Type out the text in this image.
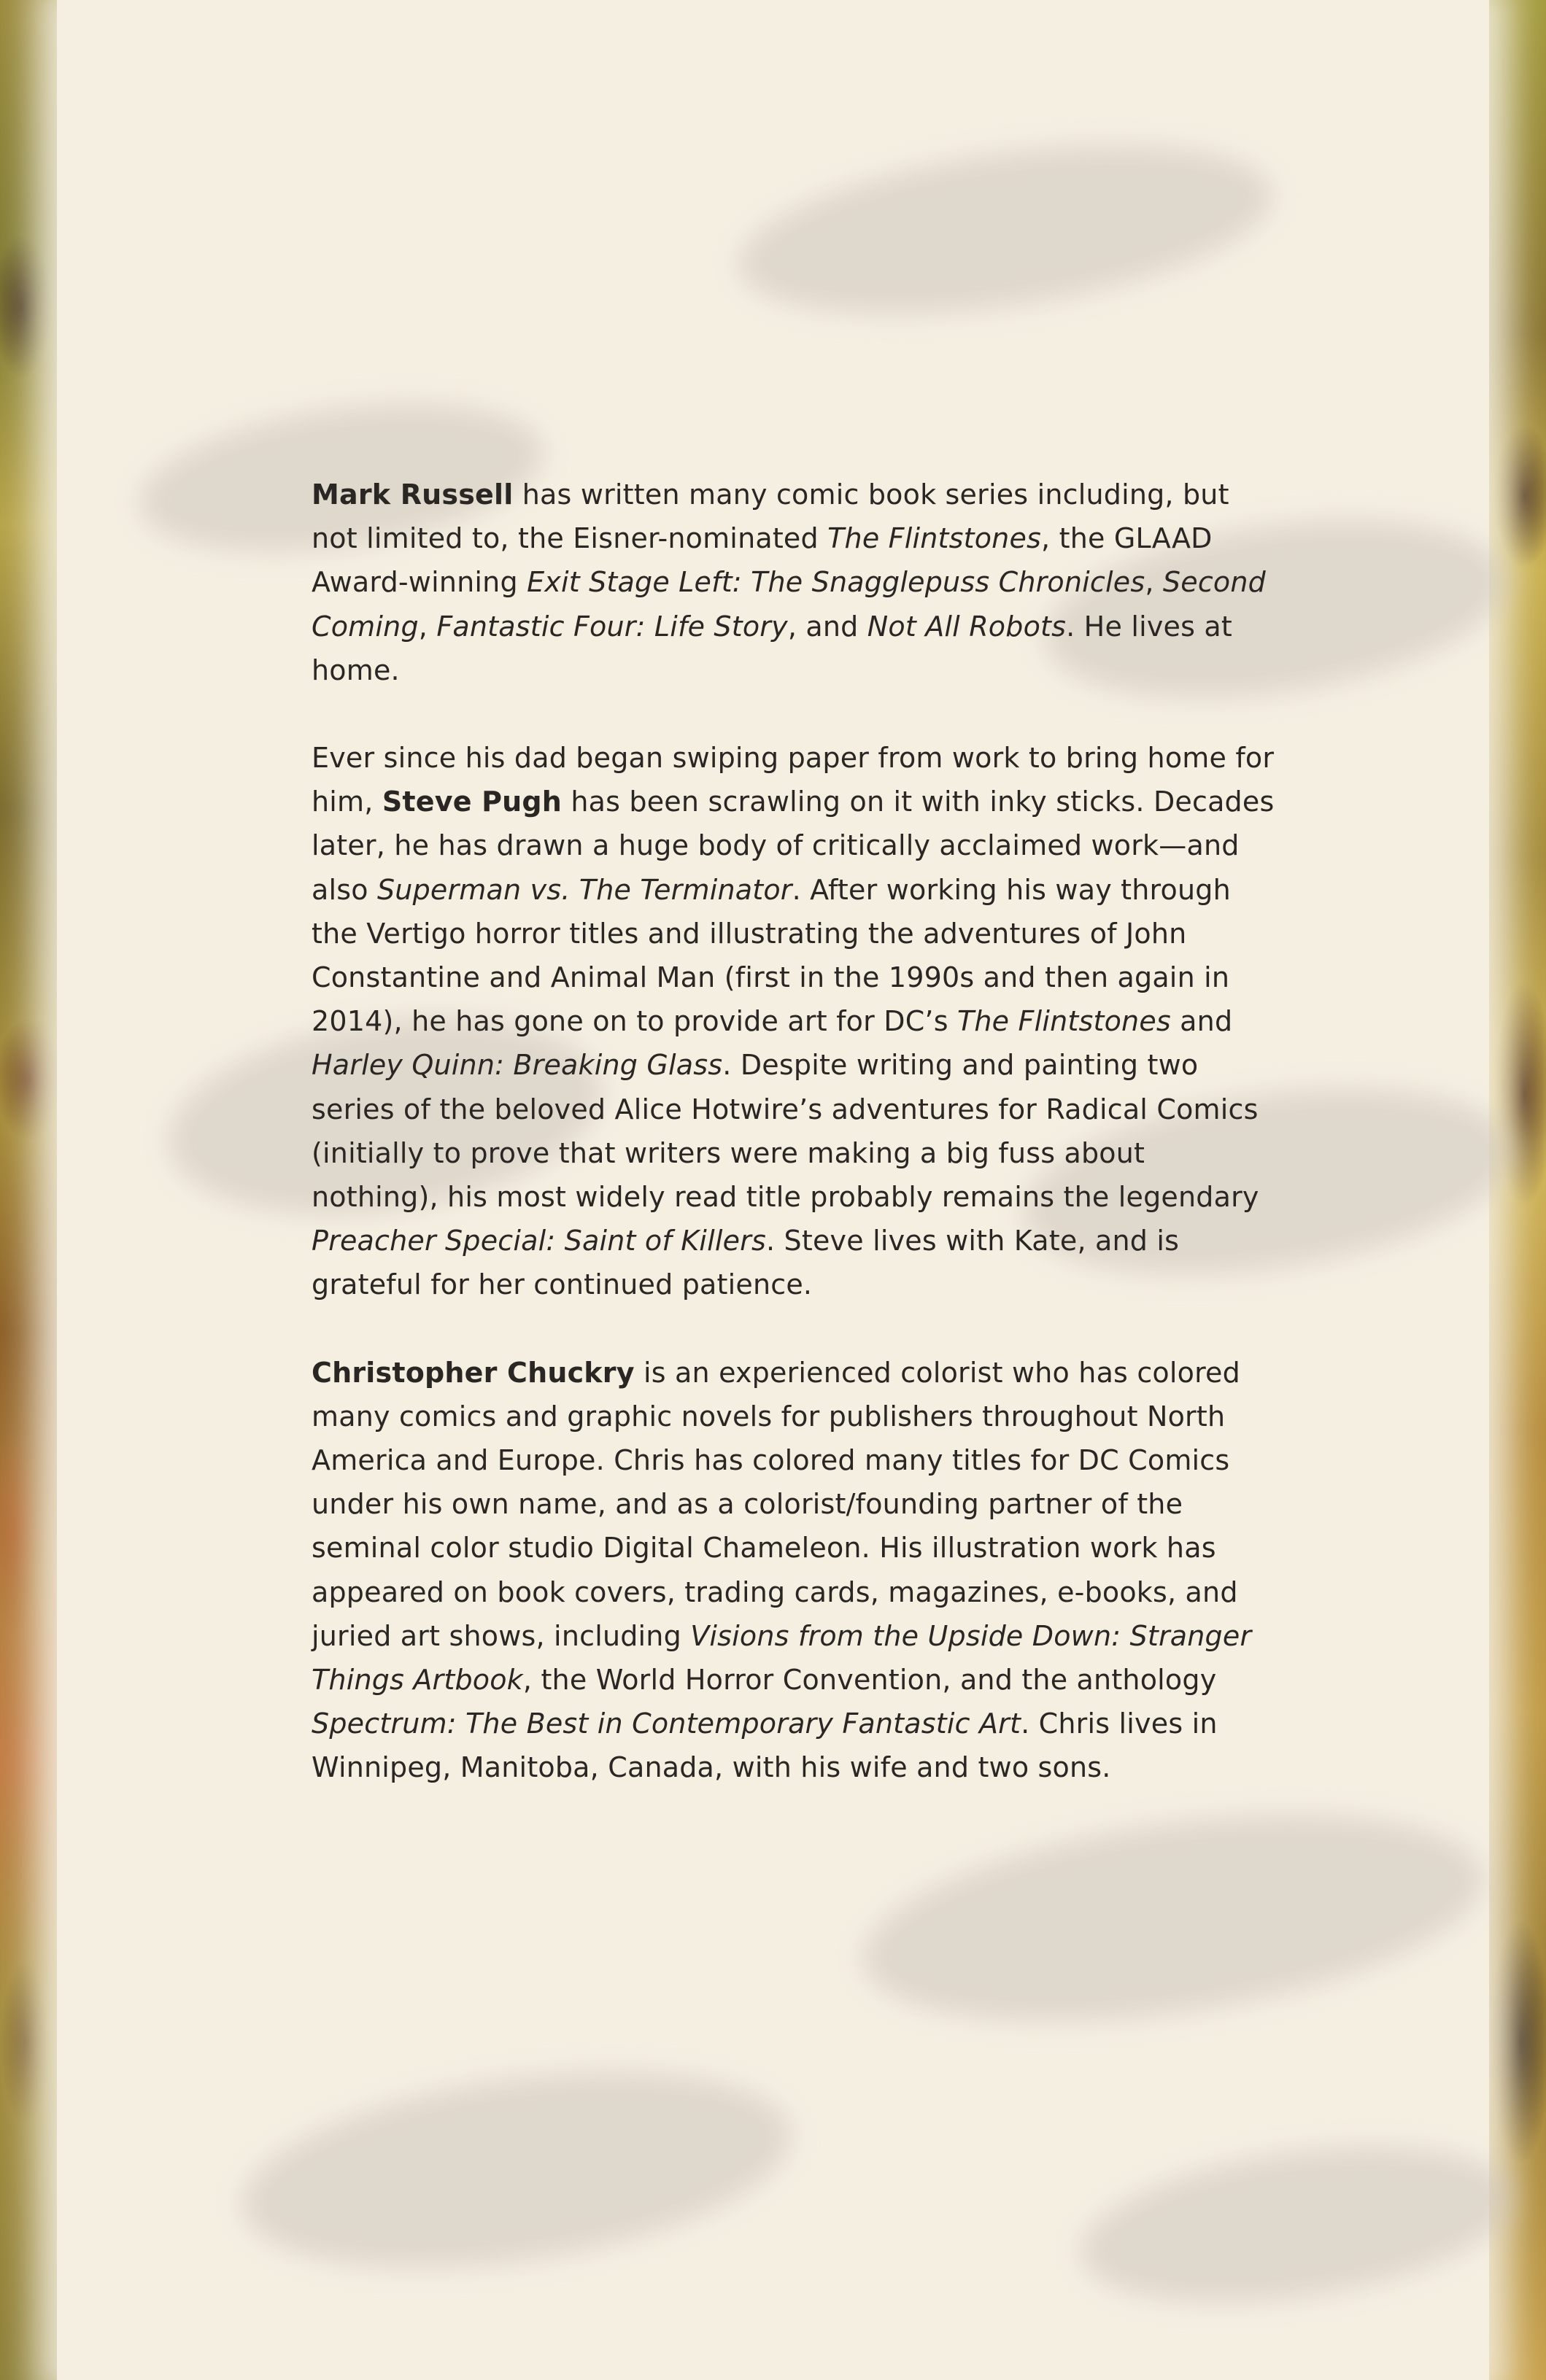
Mark Russell has written many comic book series including, but not limited to, the Eisner-nominated The Flintstones, the GLAAD Award-winning Exit Stage Left: The Snagglepuss Chronicles, Second Coming, Fantastic Four: Life Story, and Not All Robots. He lives at home.

Ever since his dad began swiping paper from work to bring home for him, Steve Pugh has been scrawling on it with inky sticks. Decades later, he has drawn a huge body of critically acclaimed work—and also Superman vs. The Terminator. After working his way through the Vertigo horror titles and illustrating the adventures of John Constantine and Animal Man (first in the 1990s and then again in 2014), he has gone on to provide art for DC’s The Flintstones and Harley Quinn: Breaking Glass. Despite writing and painting two series of the beloved Alice Hotwire’s adventures for Radical Comics (initially to prove that writers were making a big fuss about nothing), his most widely read title probably remains the legendary Preacher Special: Saint of Killers. Steve lives with Kate, and is grateful for her continued patience.

Christopher Chuckry is an experienced colorist who has colored many comics and graphic novels for publishers throughout North America and Europe. Chris has colored many titles for DC Comics under his own name, and as a colorist/founding partner of the seminal color studio Digital Chameleon. His illustration work has appeared on book covers, trading cards, magazines, e-books, and juried art shows, including Visions from the Upside Down: Stranger Things Artbook, the World Horror Convention, and the anthology Spectrum: The Best in Contemporary Fantastic Art. Chris lives in Winnipeg, Manitoba, Canada, with his wife and two sons.
